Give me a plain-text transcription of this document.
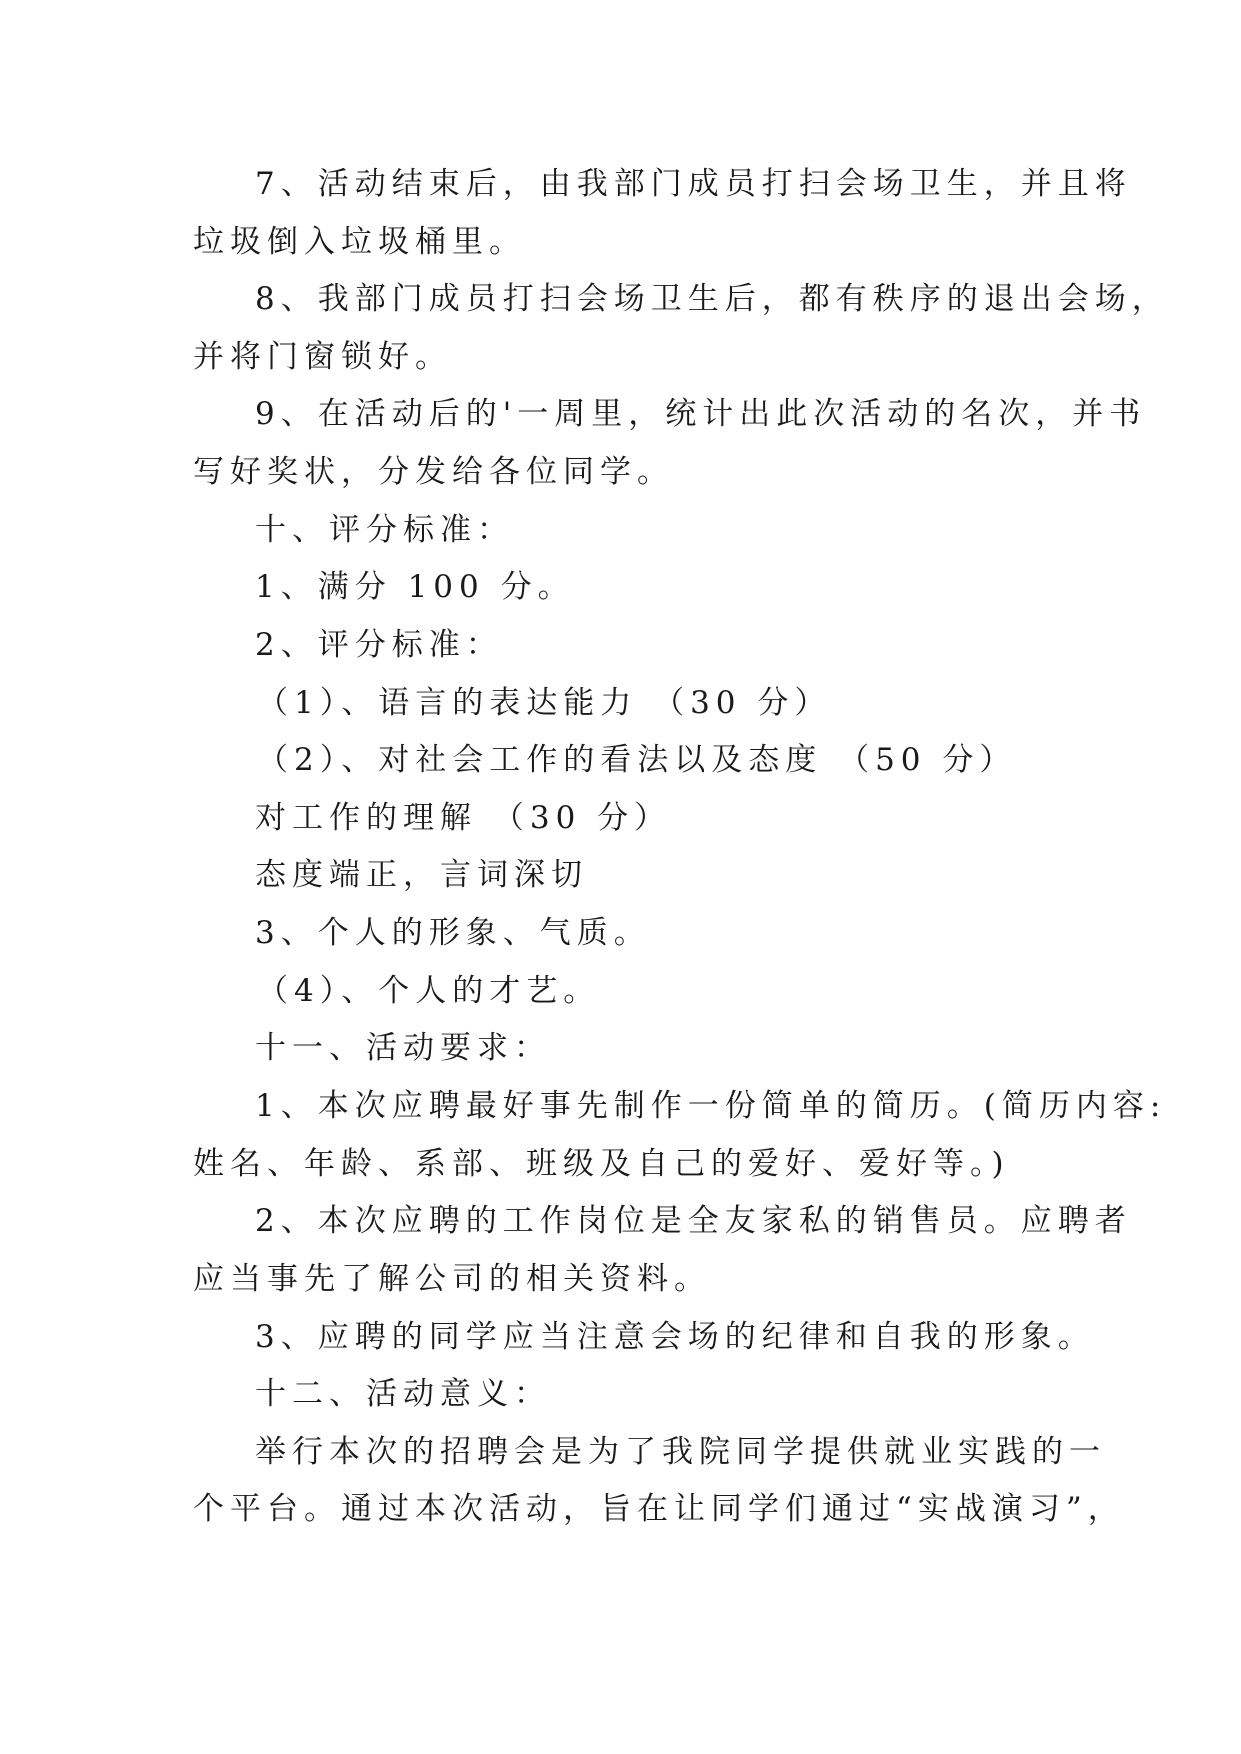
7、活动结束后，由我部门成员打扫会场卫生，并且将
垃圾倒入垃圾桶里。
8、我部门成员打扫会场卫生后，都有秩序的退出会场，
并将门窗锁好。
9、在活动后的'一周里，统计出此次活动的名次，并书
写好奖状，分发给各位同学。
十、评分标准：
1、满分 100 分。
2、评分标准：
（1）、语言的表达能力 （30 分）
（2）、对社会工作的看法以及态度 （50 分）
对工作的理解 （30 分）
态度端正，言词深切
3、个人的形象、气质。
（4）、个人的才艺。
十一、活动要求：
1、本次应聘最好事先制作一份简单的简历。(简历内容:
姓名、年龄、系部、班级及自己的爱好、爱好等。)
2、本次应聘的工作岗位是全友家私的销售员。应聘者
应当事先了解公司的相关资料。
3、应聘的同学应当注意会场的纪律和自我的形象。
十二、活动意义：
举行本次的招聘会是为了我院同学提供就业实践的一
个平台。通过本次活动，旨在让同学们通过“实战演习”，
